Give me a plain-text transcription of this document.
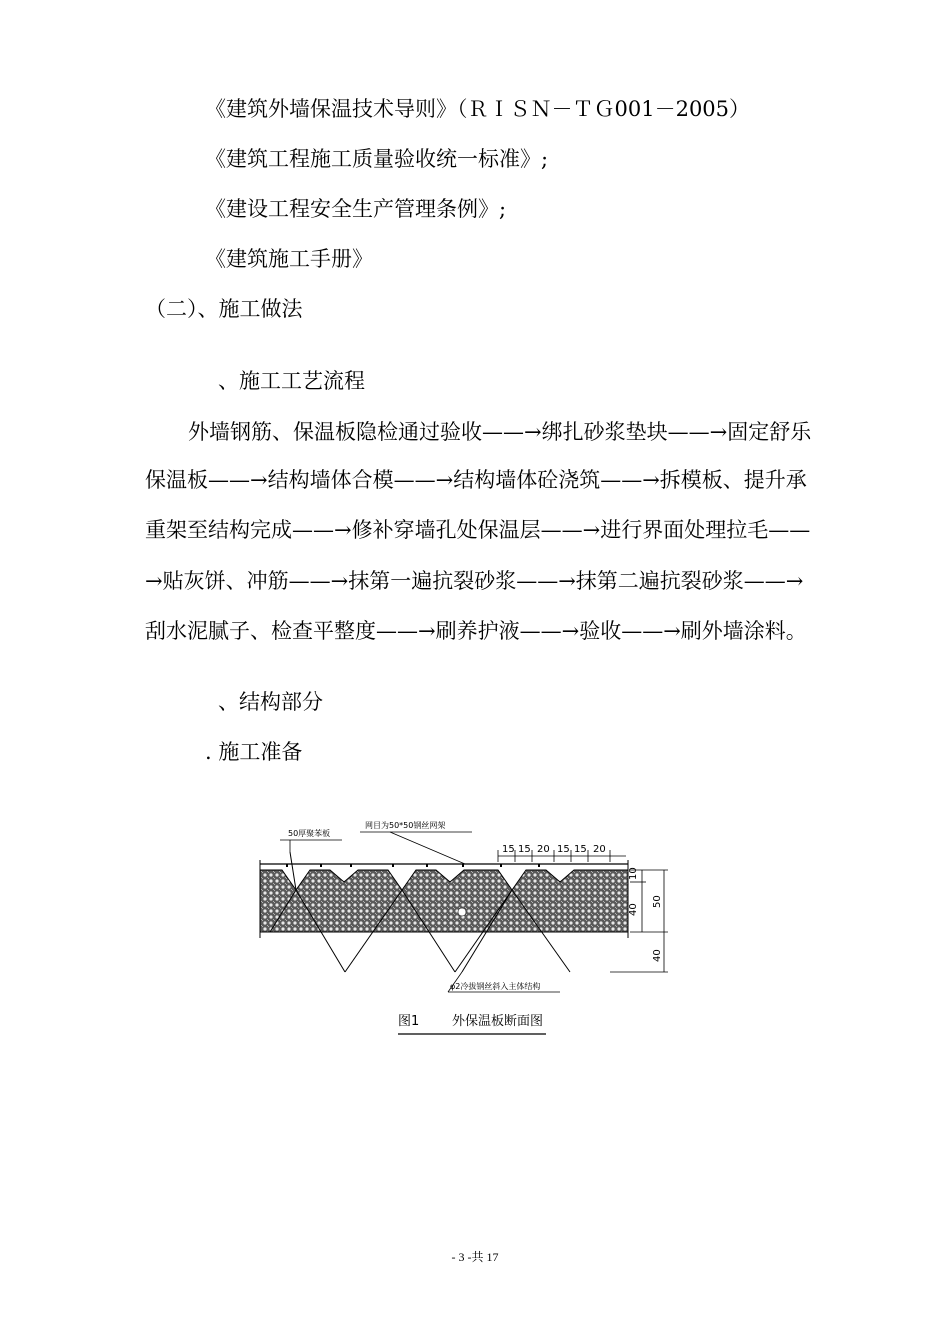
《建筑外墙保温技术导则》（ＲＩＳＮ－ＴＧ001－2005）
《建筑工程施工质量验收统一标准》;
《建设工程安全生产管理条例》;
《建筑施工手册》
（二）、施工做法
、施工工艺流程
外墙钢筋、保温板隐检通过验收——→绑扎砂浆垫块——→固定舒乐
保温板——→结构墙体合模——→结构墙体砼浇筑——→拆模板、提升承
重架至结构完成——→修补穿墙孔处保温层——→进行界面处理拉毛——
→贴灰饼、冲筋——→抹第一遍抗裂砂浆——→抹第二遍抗裂砂浆——→
刮水泥腻子、检查平整度——→刷养护液——→验收——→刷外墙涂料。
、结构部分
. 施工准备
15 15 20 15 15 20
10
40
50
40
50厚聚苯板
网目为50*50钢丝网架
φ2冷拔钢丝斜入主体结构
图1	外保温板断面图
- 3 -共 17
